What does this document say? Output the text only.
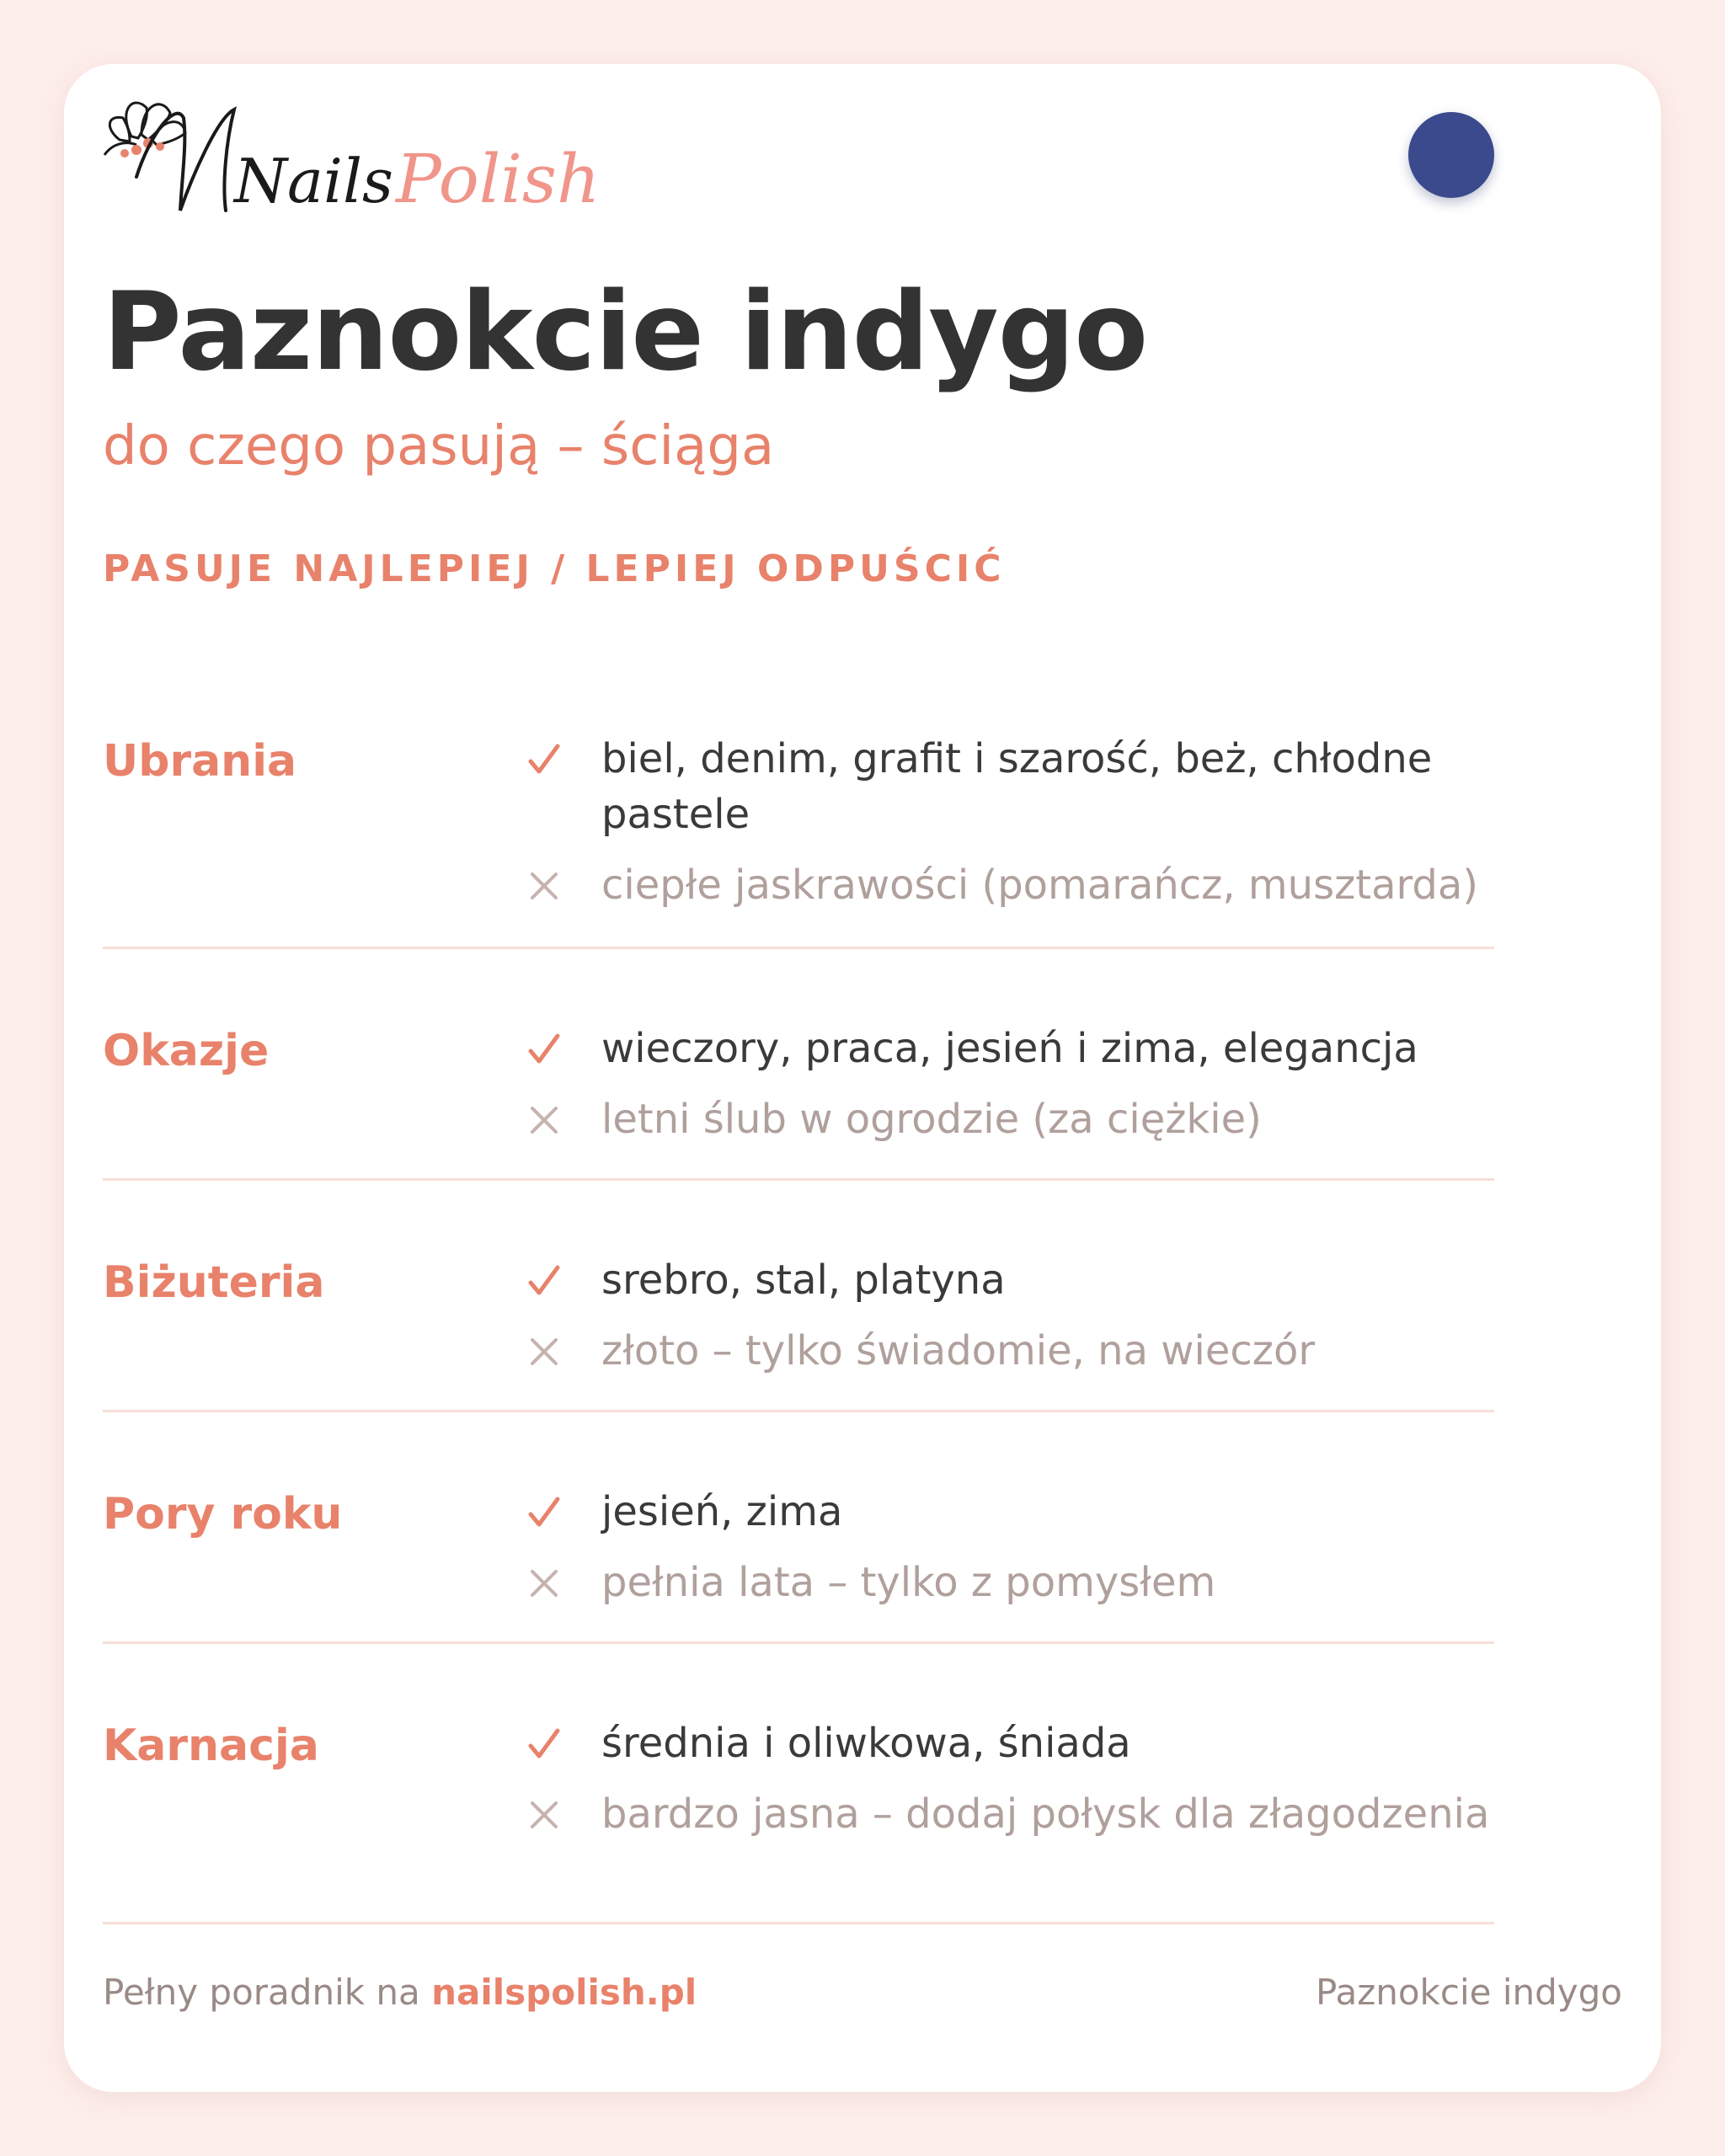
Nails Polish
Paznokcie indygo
do czego pasują – ściąga
PASUJE NAJLEPIEJ / LEPIEJ ODPUŚCIĆ
Ubrania	biel, denim, grafit i szarość, beż, chłodne pastele
ciepłe jaskrawości (pomarańcz, musztarda)
Okazje	wieczory, praca, jesień i zima, elegancja
letni ślub w ogrodzie (za ciężkie)
Biżuteria	srebro, stal, platyna
złoto – tylko świadomie, na wieczór
Pory roku	jesień, zima
pełnia lata – tylko z pomysłem
Karnacja	średnia i oliwkowa, śniada
bardzo jasna – dodaj połysk dla złagodzenia
Pełny poradnik na nailspolish.pl	Paznokcie indygo
